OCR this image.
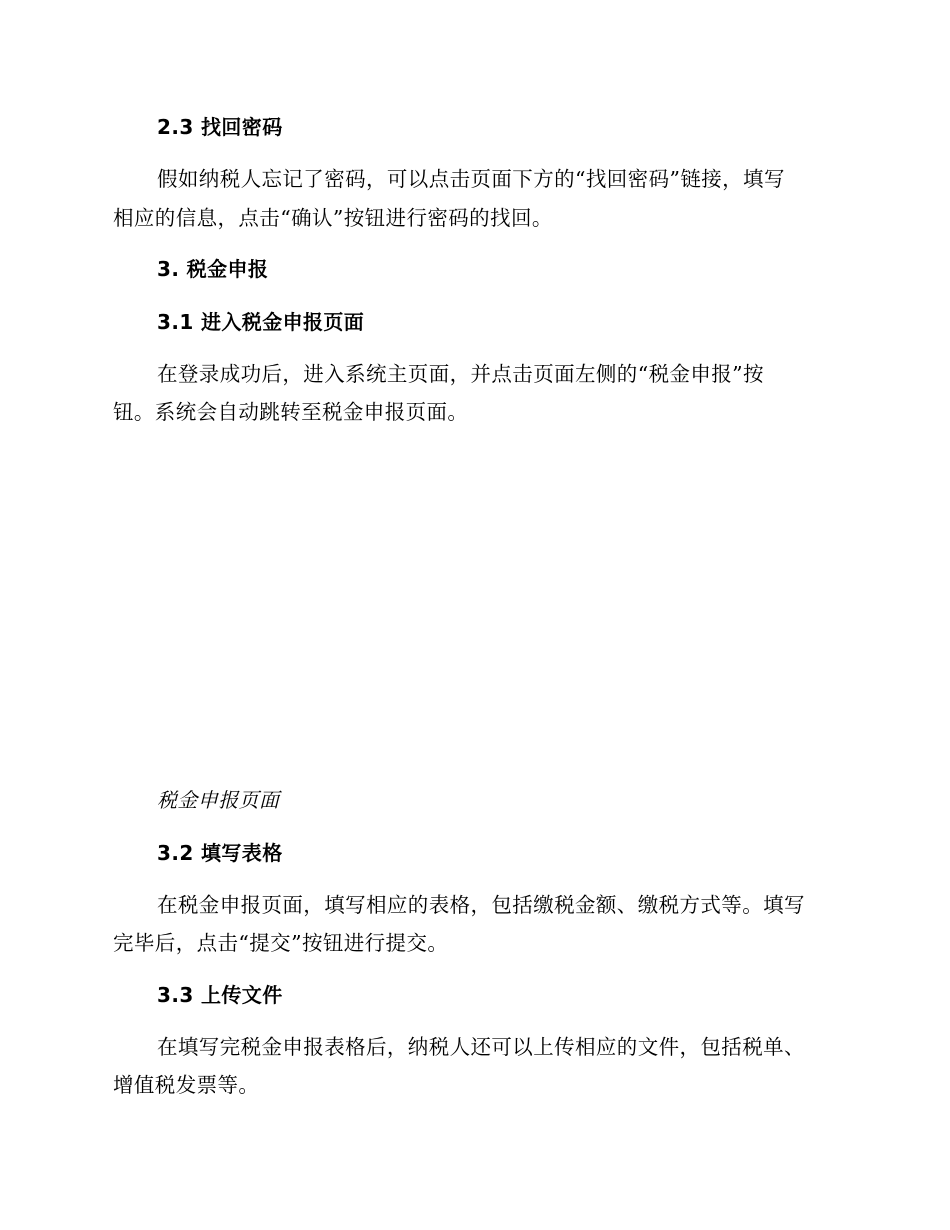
2.3 找回密码
假如纳税人忘记了密码，可以点击页面下方的“找回密码”链接，填写
相应的信息，点击“确认”按钮进行密码的找回。
3. 税金申报
3.1 进入税金申报页面
在登录成功后，进入系统主页面，并点击页面左侧的“税金申报”按
钮。系统会自动跳转至税金申报页面。
税金申报页面
3.2 填写表格
在税金申报页面，填写相应的表格，包括缴税金额、缴税方式等。填写
完毕后，点击“提交”按钮进行提交。
3.3 上传文件
在填写完税金申报表格后，纳税人还可以上传相应的文件，包括税单、
增值税发票等。
